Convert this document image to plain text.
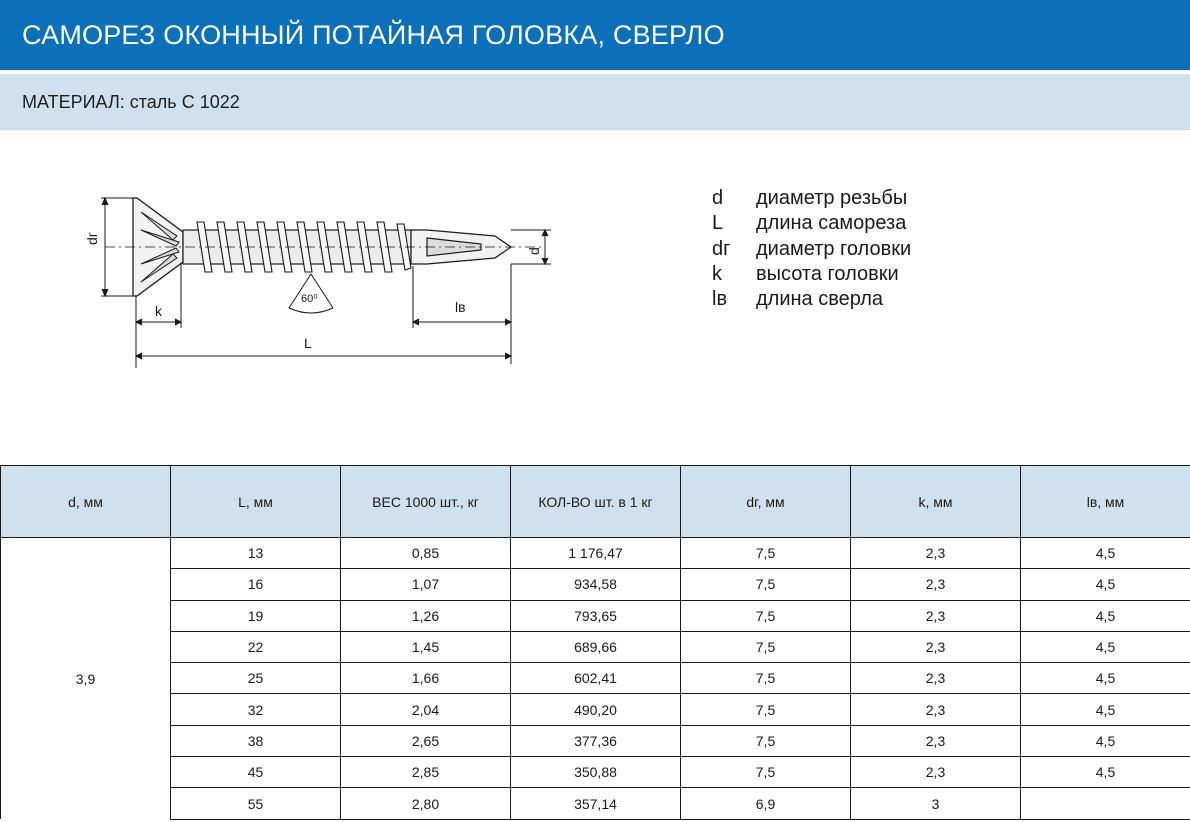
САМОРЕЗ ОКОННЫЙ ПОТАЙНАЯ ГОЛОВКА, СВЕРЛО
МАТЕРИАЛ: сталь С 1022
dг
d
k
60⁰	lв
L
d	диаметр резьбы
L	длина самореза
dг	диаметр головки
k	высота головки
lв	длина сверла
d, мм	L, мм	ВЕС 1000 шт., кг	КОЛ-ВО шт. в 1 кг	dг, мм	k, мм	lв, мм
3,9	13	0,85	1 176,47	7,5	2,3	4,5
	16	1,07	934,58	7,5	2,3	4,5
	19	1,26	793,65	7,5	2,3	4,5
	22	1,45	689,66	7,5	2,3	4,5
	25	1,66	602,41	7,5	2,3	4,5
	32	2,04	490,20	7,5	2,3	4,5
	38	2,65	377,36	7,5	2,3	4,5
	45	2,85	350,88	7,5	2,3	4,5
	55	2,80	357,14	6,9	3	
